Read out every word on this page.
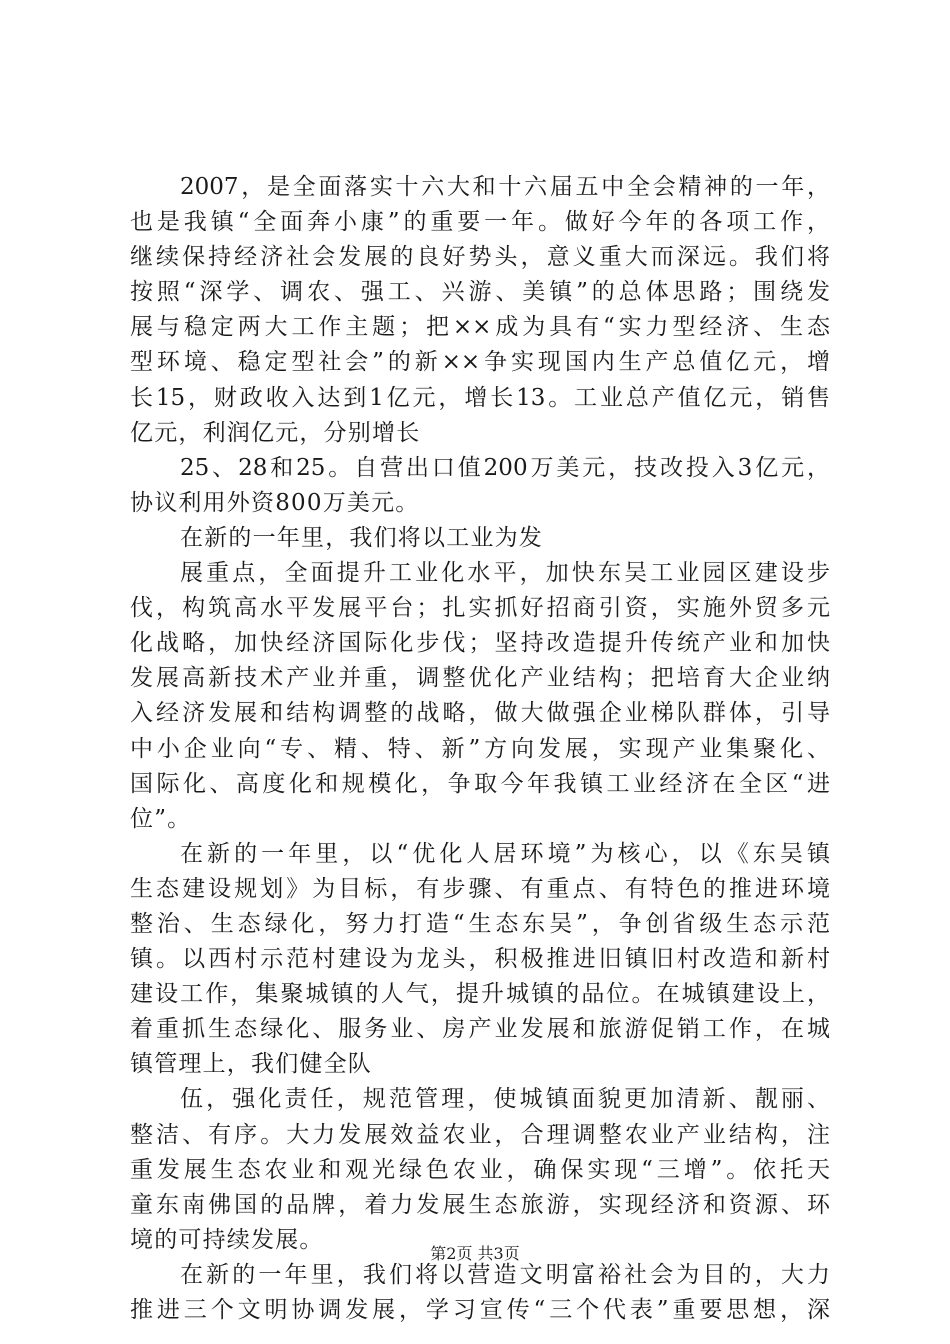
2007，是全面落实十六大和十六届五中全会精神的一年，
也是我镇“全面奔小康”的重要一年。做好今年的各项工作，
继续保持经济社会发展的良好势头，意义重大而深远。我们将
按照“深学、调农、强工、兴游、美镇”的总体思路；围绕发
展与稳定两大工作主题；把××成为具有“实力型经济、生态
型环境、稳定型社会”的新××争实现国内生产总值亿元，增
长15，财政收入达到1亿元，增长13。工业总产值亿元，销售
亿元，利润亿元，分别增长
25、28和25。自营出口值200万美元，技改投入3亿元，
协议利用外资800万美元。
在新的一年里，我们将以工业为发
展重点，全面提升工业化水平，加快东吴工业园区建设步
伐，构筑高水平发展平台；扎实抓好招商引资，实施外贸多元
化战略，加快经济国际化步伐；坚持改造提升传统产业和加快
发展高新技术产业并重，调整优化产业结构；把培育大企业纳
入经济发展和结构调整的战略，做大做强企业梯队群体，引导
中小企业向“专、精、特、新”方向发展，实现产业集聚化、
国际化、高度化和规模化，争取今年我镇工业经济在全区“进
位”。
在新的一年里，以“优化人居环境”为核心，以《东吴镇
生态建设规划》为目标，有步骤、有重点、有特色的推进环境
整治、生态绿化，努力打造“生态东吴”，争创省级生态示范
镇。以西村示范村建设为龙头，积极推进旧镇旧村改造和新村
建设工作，集聚城镇的人气，提升城镇的品位。在城镇建设上，
着重抓生态绿化、服务业、房产业发展和旅游促销工作，在城
镇管理上，我们健全队
伍，强化责任，规范管理，使城镇面貌更加清新、靓丽、
整洁、有序。大力发展效益农业，合理调整农业产业结构，注
重发展生态农业和观光绿色农业，确保实现“三增”。依托天
童东南佛国的品牌，着力发展生态旅游，实现经济和资源、环
境的可持续发展。
在新的一年里，我们将以营造文明富裕社会为目的，大力
推进三个文明协调发展，学习宣传“三个代表”重要思想，深
第2页 共3页
